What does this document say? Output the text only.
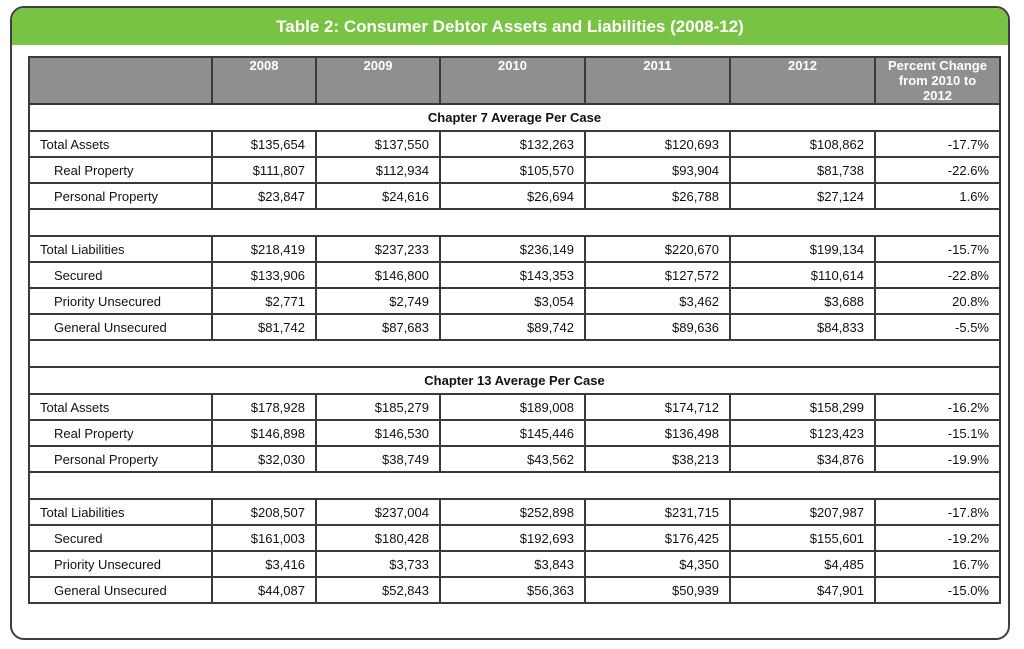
Table 2: Consumer Debtor Assets and Liabilities (2008-12)
	2008	2009	2010	2011	2012	Percent Change
from 2010 to 2012
Chapter 7 Average Per Case						
Total Assets	$135,654	$137,550	$132,263	$120,693	$108,862	-17.7%
Real Property	$111,807	$112,934	$105,570	$93,904	$81,738	-22.6%
Personal Property	$23,847	$24,616	$26,694	$26,788	$27,124	1.6%

Total Liabilities	$218,419	$237,233	$236,149	$220,670	$199,134	-15.7%
Secured	$133,906	$146,800	$143,353	$127,572	$110,614	-22.8%
Priority Unsecured	$2,771	$2,749	$3,054	$3,462	$3,688	20.8%
General Unsecured	$81,742	$87,683	$89,742	$89,636	$84,833	-5.5%

Chapter 13 Average Per Case						
Total Assets	$178,928	$185,279	$189,008	$174,712	$158,299	-16.2%
Real Property	$146,898	$146,530	$145,446	$136,498	$123,423	-15.1%
Personal Property	$32,030	$38,749	$43,562	$38,213	$34,876	-19.9%

Total Liabilities	$208,507	$237,004	$252,898	$231,715	$207,987	-17.8%
Secured	$161,003	$180,428	$192,693	$176,425	$155,601	-19.2%
Priority Unsecured	$3,416	$3,733	$3,843	$4,350	$4,485	16.7%
General Unsecured	$44,087	$52,843	$56,363	$50,939	$47,901	-15.0%
